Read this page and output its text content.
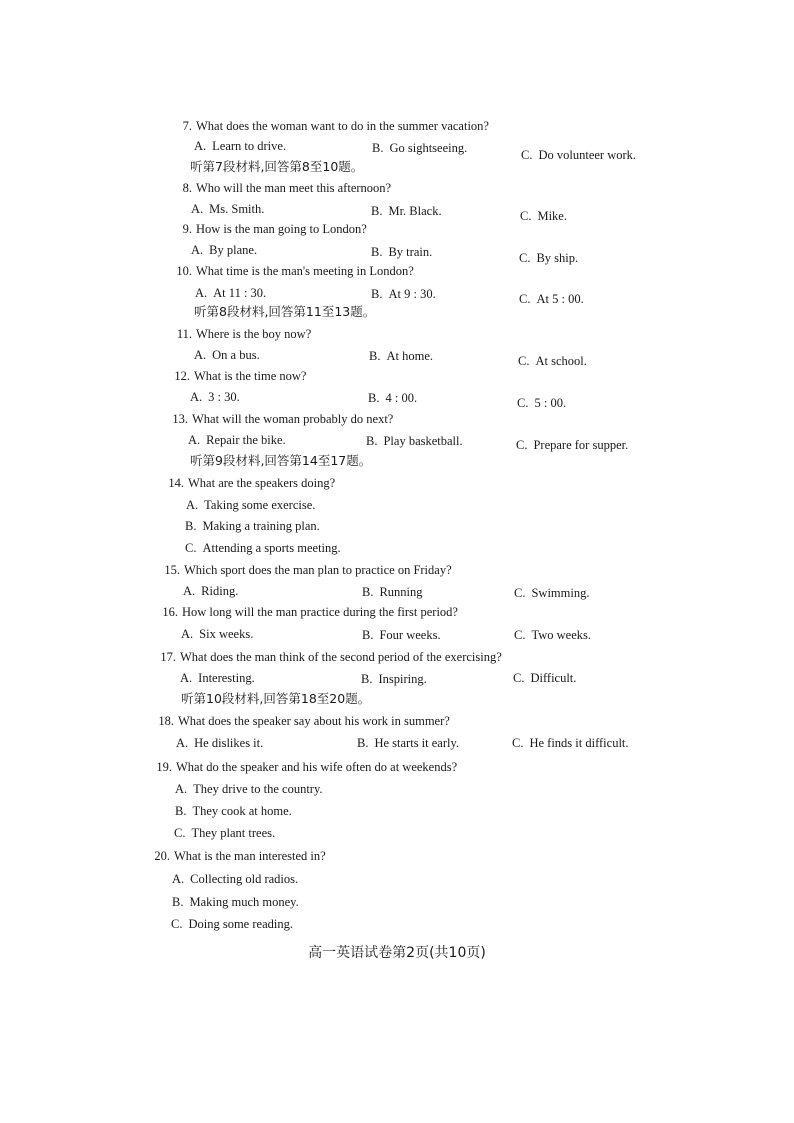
7. What does the woman want to do in the summer vacation?
A. Learn to drive.	B. Go sightseeing.	C. Do volunteer work.
听第7段材料,回答第8至10题。
8. Who will the man meet this afternoon?
A. Ms. Smith.	B. Mr. Black.	C. Mike.
9. How is the man going to London?
A. By plane.	B. By train.	C. By ship.
10. What time is the man's meeting in London?
A. At 11 : 30.	B. At 9 : 30.	C. At 5 : 00.
听第8段材料,回答第11至13题。
11. Where is the boy now?
A. On a bus.	B. At home.	C. At school.
12. What is the time now?
A. 3 : 30.	B. 4 : 00.	C. 5 : 00.
13. What will the woman probably do next?
A. Repair the bike.	B. Play basketball.	C. Prepare for supper.
听第9段材料,回答第14至17题。
14. What are the speakers doing?
A. Taking some exercise.
B. Making a training plan.
C. Attending a sports meeting.
15. Which sport does the man plan to practice on Friday?
A. Riding.	B. Running	C. Swimming.
16. How long will the man practice during the first period?
A. Six weeks.	B. Four weeks.	C. Two weeks.
17. What does the man think of the second period of the exercising?
A. Interesting.	B. Inspiring.	C. Difficult.
听第10段材料,回答第18至20题。
18. What does the speaker say about his work in summer?
A. He dislikes it.	B. He starts it early.	C. He finds it difficult.
19. What do the speaker and his wife often do at weekends?
A. They drive to the country.
B. They cook at home.
C. They plant trees.
20. What is the man interested in?
A. Collecting old radios.
B. Making much money.
C. Doing some reading.
高一英语试卷第2页(共10页)
